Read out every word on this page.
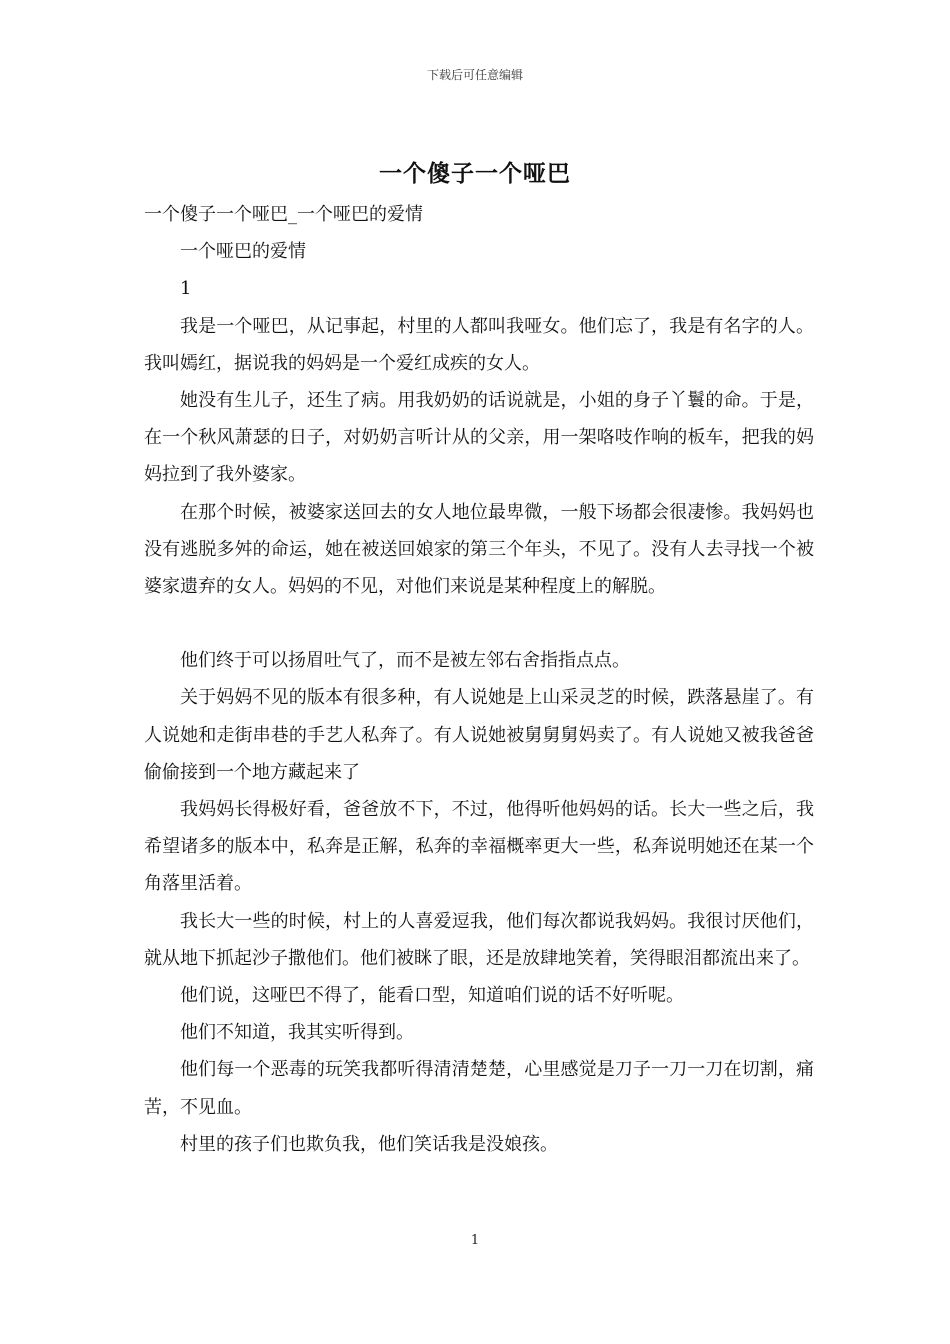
下载后可任意编辑
一个傻子一个哑巴

一个傻子一个哑巴_一个哑巴的爱情

一个哑巴的爱情

1

我是一个哑巴，从记事起，村里的人都叫我哑女。他们忘了，我是有名字的人。我叫嫣红，据说我的妈妈是一个爱红成疾的女人。

她没有生儿子，还生了病。用我奶奶的话说就是，小姐的身子丫鬟的命。于是，在一个秋风萧瑟的日子，对奶奶言听计从的父亲，用一架咯吱作响的板车，把我的妈妈拉到了我外婆家。

在那个时候，被婆家送回去的女人地位最卑微，一般下场都会很凄惨。我妈妈也没有逃脱多舛的命运，她在被送回娘家的第三个年头，不见了。没有人去寻找一个被婆家遗弃的女人。妈妈的不见，对他们来说是某种程度上的解脱。

他们终于可以扬眉吐气了，而不是被左邻右舍指指点点。

关于妈妈不见的版本有很多种，有人说她是上山采灵芝的时候，跌落悬崖了。有人说她和走街串巷的手艺人私奔了。有人说她被舅舅舅妈卖了。有人说她又被我爸爸偷偷接到一个地方藏起来了

我妈妈长得极好看，爸爸放不下，不过，他得听他妈妈的话。长大一些之后，我希望诸多的版本中，私奔是正解，私奔的幸福概率更大一些，私奔说明她还在某一个角落里活着。

我长大一些的时候，村上的人喜爱逗我，他们每次都说我妈妈。我很讨厌他们，就从地下抓起沙子撒他们。他们被眯了眼，还是放肆地笑着，笑得眼泪都流出来了。

他们说，这哑巴不得了，能看口型，知道咱们说的话不好听呢。

他们不知道，我其实听得到。

他们每一个恶毒的玩笑我都听得清清楚楚，心里感觉是刀子一刀一刀在切割，痛苦，不见血。

村里的孩子们也欺负我，他们笑话我是没娘孩。

1
